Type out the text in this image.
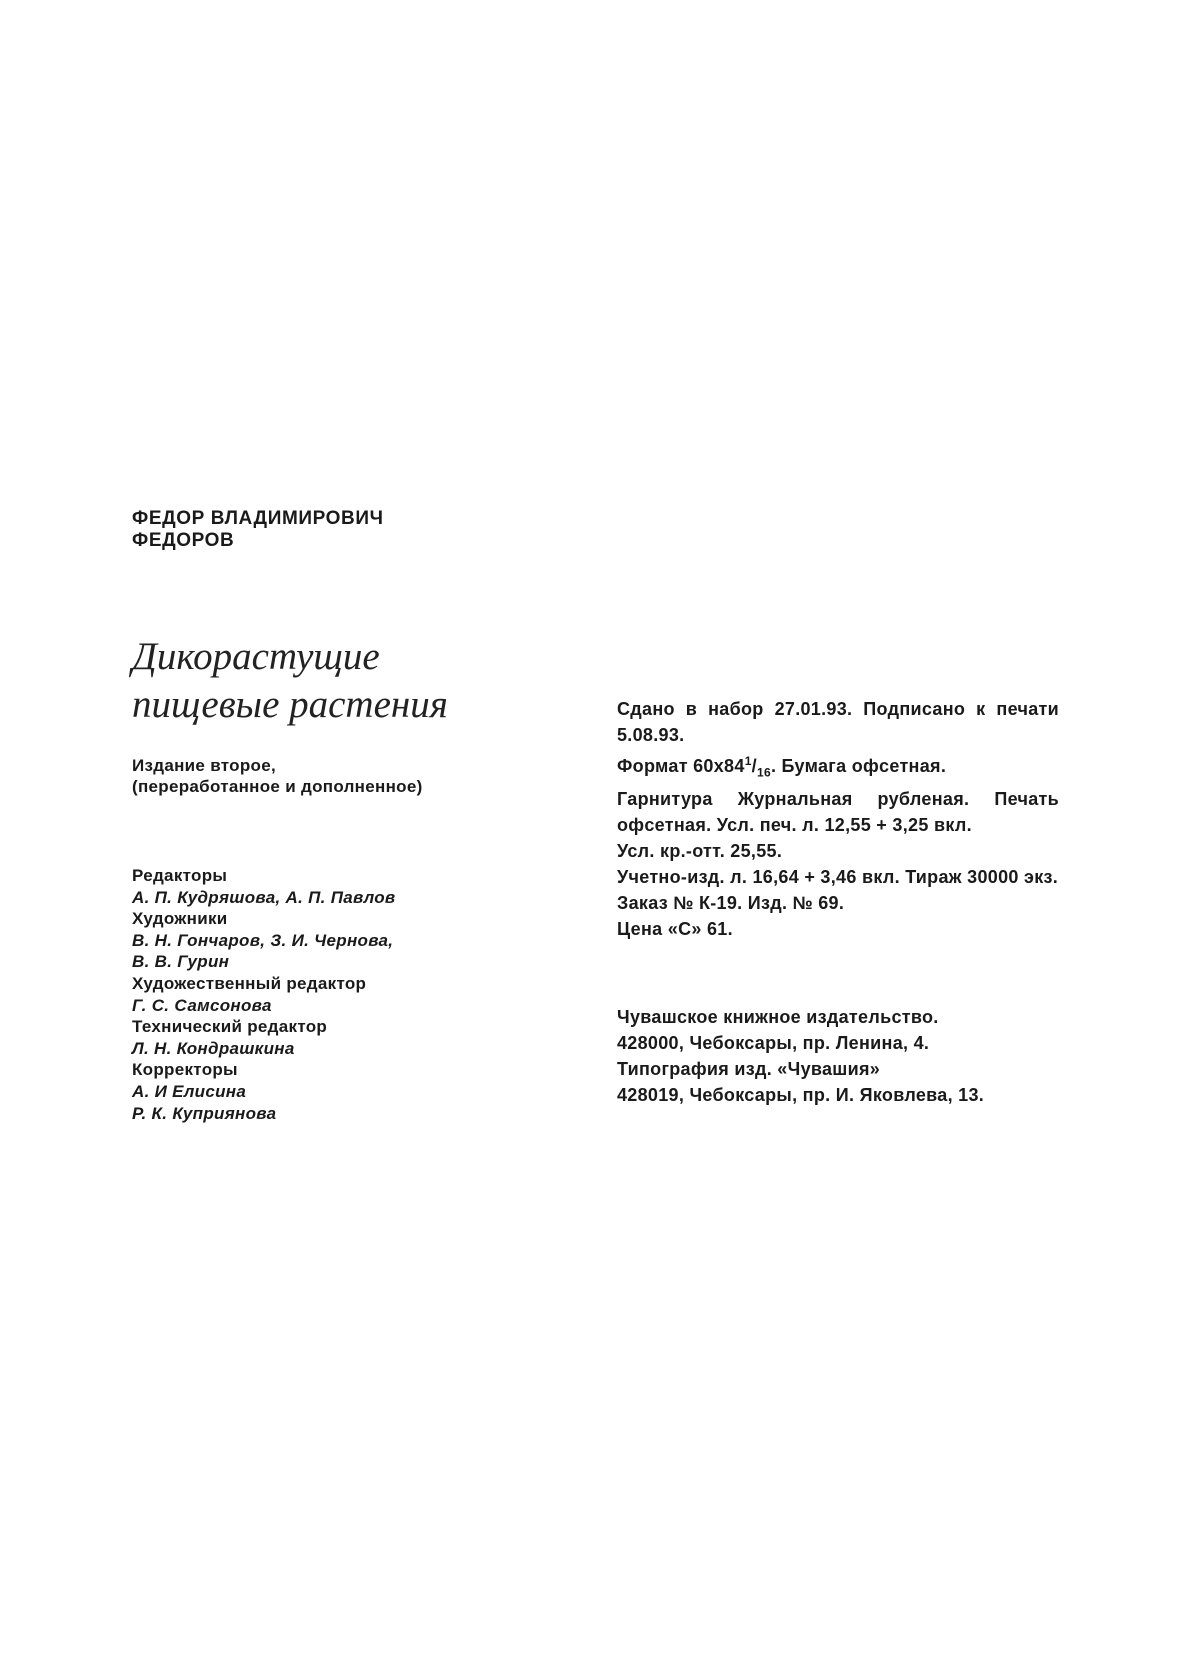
ФЕДОР ВЛАДИМИРОВИЧ
ФЕДОРОВ
Дикорастущие
пищевые растения
Издание второе,
(переработанное и дополненное)
Редакторы
А. П. Кудряшова, А. П. Павлов
Художники
В. Н. Гончаров, З. И. Чернова,
В. В. Гурин
Художественный редактор
Г. С. Самсонова
Технический редактор
Л. Н. Кондрашкина
Корректоры
А. И Елисина
Р. К. Куприянова

Сдано в набор 27.01.93. Подписано к печати 5.08.93.

Формат $60x84^1/_{16}$. Бумага офсетная.

Гарнитура Журнальная рубленая. Печать офсетная. Усл. печ. л. 12,55 + 3,25 вкл.

Усл. кр.-отт. 25,55.

Учетно-изд. л. 16,64 + 3,46 вкл. Тираж 30000 экз.

Заказ № К-19. Изд. № 69.

Цена «С» 61.

Чувашское книжное издательство.

428000, Чебоксары, пр. Ленина, 4.

Типография изд. «Чувашия»

428019, Чебоксары, пр. И. Яковлева, 13.
